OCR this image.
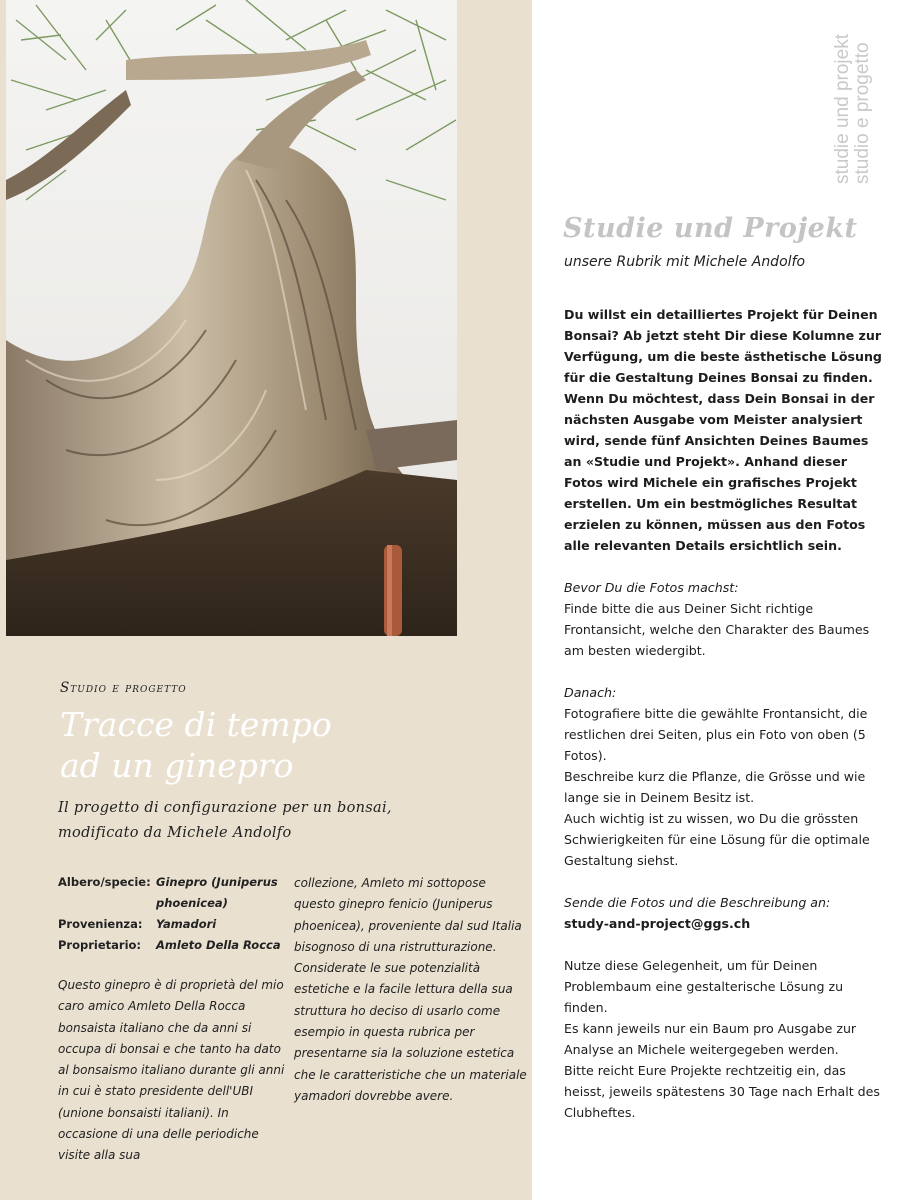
studie und projekt studio e progetto
Studie und Projekt
unsere Rubrik mit Michele Andolfo

Du willst ein detailliertes Projekt für Deinen Bonsai? Ab jetzt steht Dir diese Kolumne zur Verfügung, um die beste ästhetische Lösung für die Gestaltung Deines Bonsai zu finden. Wenn Du möchtest, dass Dein Bonsai in der nächsten Ausgabe vom Meister analysiert wird, sende fünf Ansichten Deines Baumes an «Studie und Projekt». Anhand dieser Fotos wird Michele ein grafisches Projekt erstellen. Um ein bestmögliches Resultat erzielen zu können, müssen aus den Fotos alle relevanten Details ersichtlich sein.

Bevor Du die Fotos machst:

Finde bitte die aus Deiner Sicht richtige Frontansicht, welche den Charakter des Baumes am besten wiedergibt.

Danach:

Fotografiere bitte die gewählte Frontansicht, die restlichen drei Seiten, plus ein Foto von oben (5 Fotos).

Beschreibe kurz die Pflanze, die Grösse und wie lange sie in Deinem Besitz ist.

Auch wichtig ist zu wissen, wo Du die grössten Schwierigkeiten für eine Lösung für die optimale Gestaltung siehst.

Sende die Fotos und die Beschreibung an:

study-and-project@ggs.ch

Nutze diese Gelegenheit, um für Deinen Problembaum eine gestalterische Lösung zu finden.

Es kann jeweils nur ein Baum pro Ausgabe zur Analyse an Michele weitergegeben werden.

Bitte reicht Eure Projekte rechtzeitig ein, das heisst, jeweils spätestens 30 Tage nach Erhalt des Clubheftes.

Studio e progetto
Tracce di tempo
ad un ginepro
Il progetto di configurazione per un bonsai, modificato da Michele Andolfo
Albero/specie: Ginepro (Juniperus phoenicea)
Provenienza:	Yamadori
Proprietario:	Amleto Della Rocca
Questo ginepro è di proprietà del mio caro amico Amleto Della Rocca bonsaista italiano che da anni si occupa di bonsai e che tanto ha dato al bonsaismo italiano durante gli anni in cui è stato presidente dell'UBI (unione bonsaisti italiani). In occasione di una delle periodiche visite alla sua
collezione, Amleto mi sottopose questo ginepro fenicio (Juniperus phoenicea), proveniente dal sud Italia bisognoso di una ristrutturazione.
Considerate le sue potenzialità estetiche e la facile lettura della sua struttura ho deciso di usarlo come esempio in questa rubrica per presentarne sia la soluzione estetica che le caratteristiche che un materiale yamadori dovrebbe avere.
